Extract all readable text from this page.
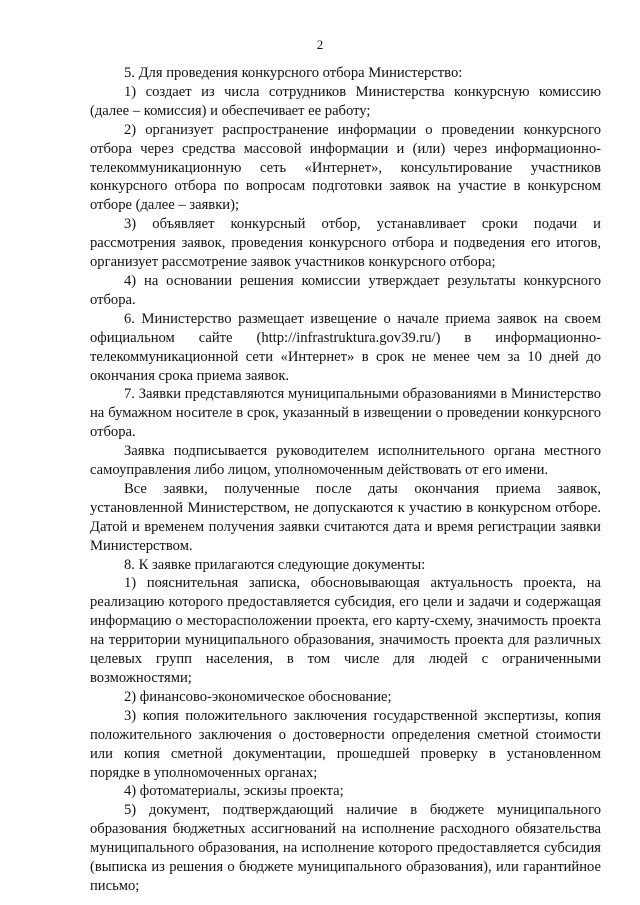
2

5. Для проведения конкурсного отбора Министерство:

1) создает из числа сотрудников Министерства конкурсную комиссию (далее – комиссия) и обеспечивает ее работу;

2) организует распространение информации о проведении конкурсного отбора через средства массовой информации и (или) через информационно-телекоммуникационную сеть «Интернет», консультирование участников конкурсного отбора по вопросам подготовки заявок на участие в конкурсном отборе (далее – заявки);

3) объявляет конкурсный отбор, устанавливает сроки подачи и рассмотрения заявок, проведения конкурсного отбора и подведения его итогов, организует рассмотрение заявок участников конкурсного отбора;

4) на основании решения комиссии утверждает результаты конкурсного отбора.

6. Министерство размещает извещение о начале приема заявок на своем официальном сайте (http://infrastruktura.gov39.ru/) в информационно-телекоммуникационной сети «Интернет» в срок не менее чем за 10 дней до окончания срока приема заявок.

7. Заявки представляются муниципальными образованиями в Министерство на бумажном носителе в срок, указанный в извещении о проведении конкурсного отбора.

Заявка подписывается руководителем исполнительного органа местного самоуправления либо лицом, уполномоченным действовать от его имени.

Все заявки, полученные после даты окончания приема заявок, установленной Министерством, не допускаются к участию в конкурсном отборе. Датой и временем получения заявки считаются дата и время регистрации заявки Министерством.

8. К заявке прилагаются следующие документы:

1) пояснительная записка, обосновывающая актуальность проекта, на реализацию которого предоставляется субсидия, его цели и задачи и содержащая информацию о месторасположении проекта, его карту-схему, значимость проекта на территории муниципального образования, значимость проекта для различных целевых групп населения, в том числе для людей с ограниченными возможностями;

2) финансово-экономическое обоснование;

3) копия положительного заключения государственной экспертизы, копия положительного заключения о достоверности определения сметной стоимости или копия сметной документации, прошедшей проверку в установленном порядке в уполномоченных органах;

4) фотоматериалы, эскизы проекта;

5) документ, подтверждающий наличие в бюджете муниципального образования бюджетных ассигнований на исполнение расходного обязательства муниципального образования, на исполнение которого предоставляется субсидия (выписка из решения о бюджете муниципального образования), или гарантийное письмо;
